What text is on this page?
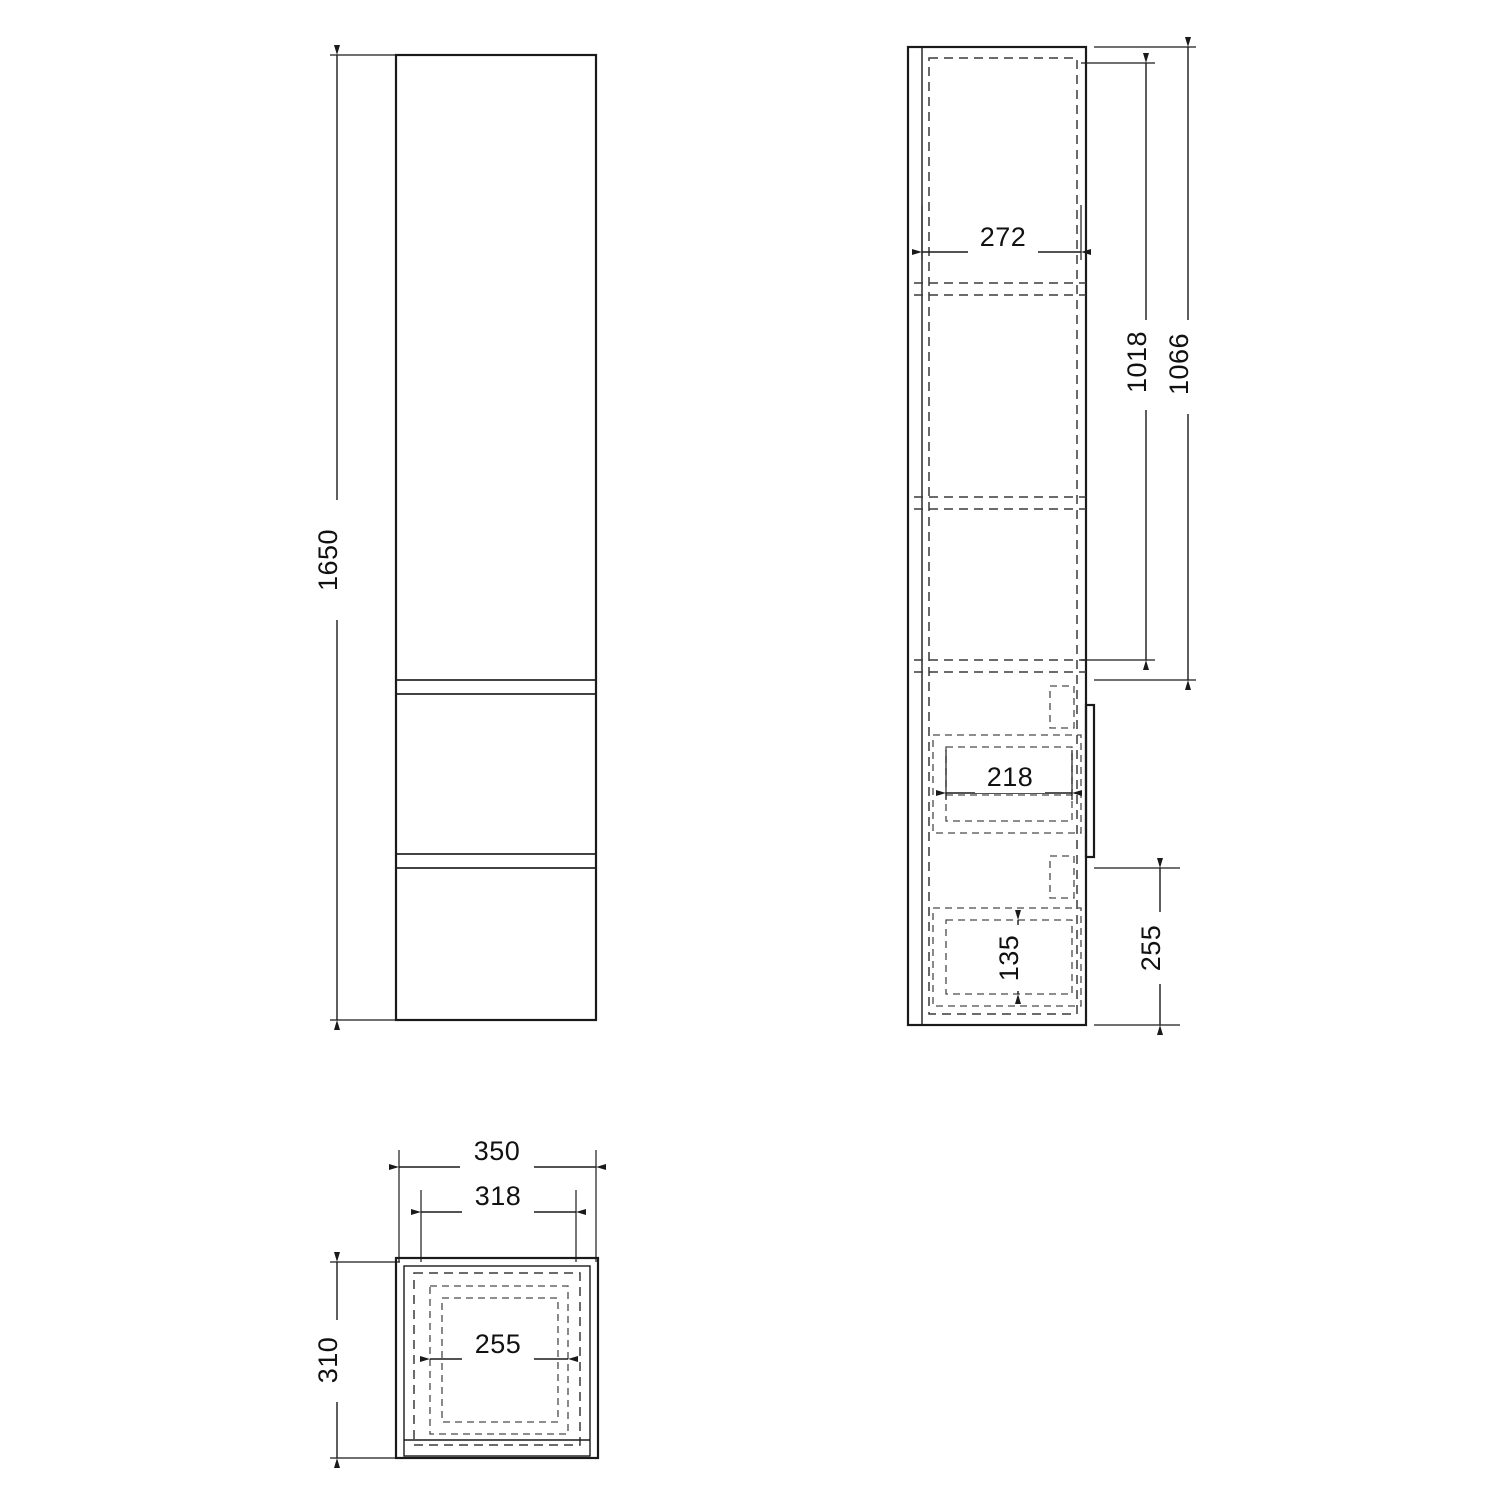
1650
272
1018 1066
218
135	255
350
318
310	255
